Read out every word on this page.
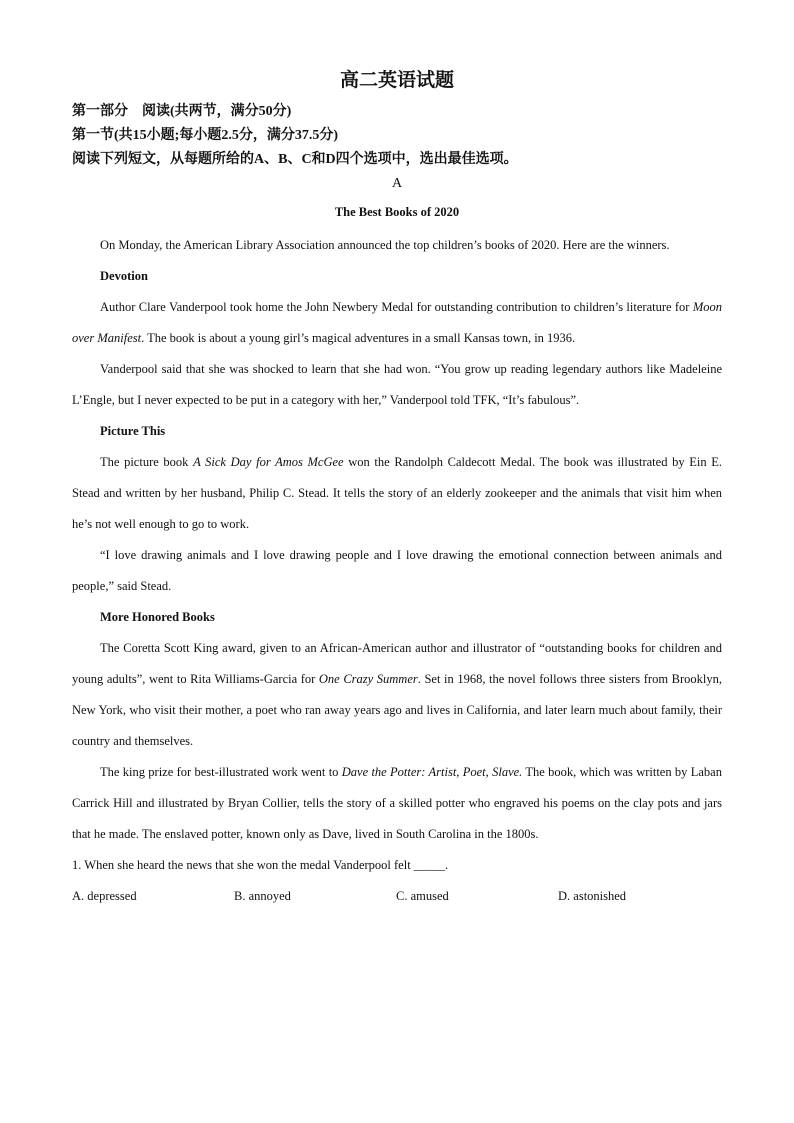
高二英语试题
第一部分　阅读(共两节，满分50分)
第一节(共15小题;每小题2.5分，满分37.5分)
阅读下列短文，从每题所给的A、B、C和D四个选项中，选出最佳选项。
A
The Best Books of 2020

On Monday, the American Library Association announced the top children’s books of 2020. Here are the winners.

Devotion

Author Clare Vanderpool took home the John Newbery Medal for outstanding contribution to children’s literature for Moon over Manifest. The book is about a young girl’s magical adventures in a small Kansas town, in 1936.

Vanderpool said that she was shocked to learn that she had won. “You grow up reading legendary authors like Madeleine L’Engle, but I never expected to be put in a category with her,” Vanderpool told TFK, “It’s fabulous”.

Picture This

The picture book A Sick Day for Amos McGee won the Randolph Caldecott Medal. The book was illustrated by Ein E. Stead and written by her husband, Philip C. Stead. It tells the story of an elderly zookeeper and the animals that visit him when he’s not well enough to go to work.

“I love drawing animals and I love drawing people and I love drawing the emotional connection between animals and people,” said Stead.

More Honored Books

The Coretta Scott King award, given to an African-American author and illustrator of “outstanding books for children and young adults”, went to Rita Williams-Garcia for One Crazy Summer. Set in 1968, the novel follows three sisters from Brooklyn, New York, who visit their mother, a poet who ran away years ago and lives in California, and later learn much about family, their country and themselves.

The king prize for best-illustrated work went to Dave the Potter: Artist, Poet, Slave. The book, which was written by Laban Carrick Hill and illustrated by Bryan Collier, tells the story of a skilled potter who engraved his poems on the clay pots and jars that he made. The enslaved potter, known only as Dave, lived in South Carolina in the 1800s.

1. When she heard the news that she won the medal Vanderpool felt _____.

A. depressed	B. annoyed	C. amused	D. astonished
